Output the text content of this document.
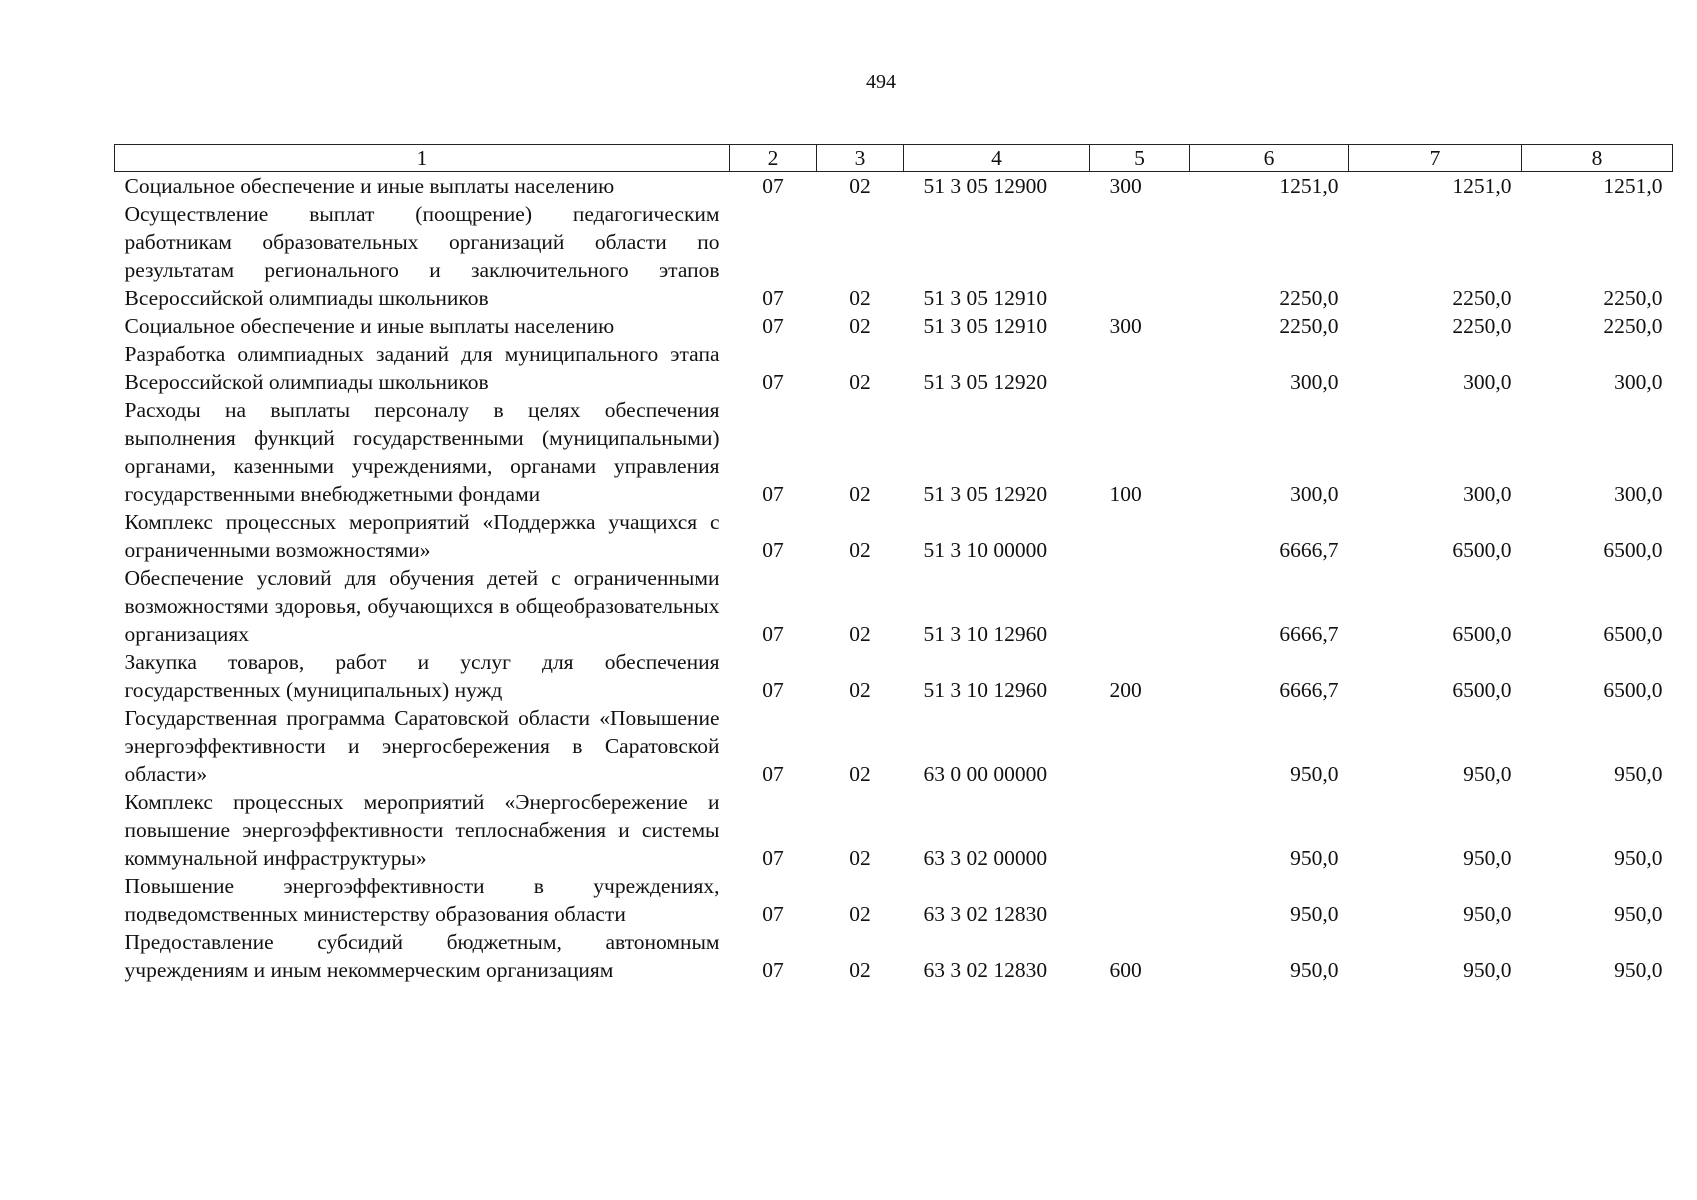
494
1	2	3	4	5	6	7	8
Социальное обеспечение и иные выплаты населению	07	02	51 3 05 12900	300	1251,0	1251,0	1251,0
Осуществление выплат (поощрение) педагогическим работникам образовательных организаций области по результатам регионального и заключительного этапов Всероссийской олимпиады школьников	07	02	51 3 05 12910		2250,0	2250,0	2250,0
Социальное обеспечение и иные выплаты населению	07	02	51 3 05 12910	300	2250,0	2250,0	2250,0
Разработка олимпиадных заданий для муниципального этапа Всероссийской олимпиады школьников	07	02	51 3 05 12920		300,0	300,0	300,0
Расходы на выплаты персоналу в целях обеспечения выполнения функций государственными (муниципальными) органами, казенными учреждениями, органами управления государственными внебюджетными фондами	07	02	51 3 05 12920	100	300,0	300,0	300,0
Комплекс процессных мероприятий «Поддержка учащихся с ограниченными возможностями»	07	02	51 3 10 00000		6666,7	6500,0	6500,0
Обеспечение условий для обучения детей с ограниченными возможностями здоровья, обучающихся в общеобразовательных организациях	07	02	51 3 10 12960		6666,7	6500,0	6500,0
Закупка товаров, работ и услуг для обеспечения государственных (муниципальных) нужд	07	02	51 3 10 12960	200	6666,7	6500,0	6500,0
Государственная программа Саратовской области «Повышение энергоэффективности и энергосбережения в Саратовской области»	07	02	63 0 00 00000		950,0	950,0	950,0
Комплекс процессных мероприятий «Энергосбережение и повышение энергоэффективности теплоснабжения и системы коммунальной инфраструктуры»	07	02	63 3 02 00000		950,0	950,0	950,0
Повышение энергоэффективности в учреждениях, подведомственных министерству образования области	07	02	63 3 02 12830		950,0	950,0	950,0
Предоставление субсидий бюджетным, автономным учреждениям и иным некоммерческим организациям	07	02	63 3 02 12830	600	950,0	950,0	950,0
